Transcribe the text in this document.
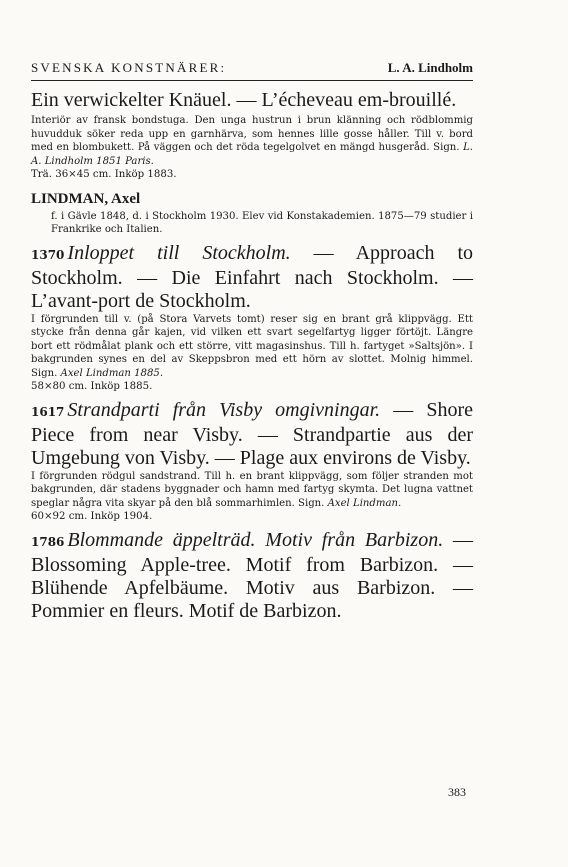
SVENSKA KONSTNÄRER:	L. A. Lindholm

Ein verwickelter Knäuel. — L’écheveau em-brouillé.

Interiör av fransk bondstuga. Den unga hustrun i brun klänning och rödblommig huvudduk söker reda upp en garnhärva, som hennes lille gosse håller. Till v. bord med en blombukett. På väggen och det röda tegelgolvet en mängd husgeråd. Sign. L. A. Lindholm 1851 Paris.

Trä. 36×45 cm. Inköp 1883.

LINDMAN, Axel

f. i Gävle 1848, d. i Stockholm 1930. Elev vid Konstakademien. 1875—79 studier i Frankrike och Italien.

1370 Inloppet till Stockholm. — Approach to Stockholm. — Die Einfahrt nach Stockholm. — L’avant-port de Stockholm.

I förgrunden till v. (på Stora Varvets tomt) reser sig en brant grå klippvägg. Ett stycke från denna går kajen, vid vilken ett svart segelfartyg ligger förtöjt. Längre bort ett rödmålat plank och ett större, vitt magasinshus. Till h. fartyget »Saltsjön». I bakgrunden synes en del av Skeppsbron med ett hörn av slottet. Molnig himmel. Sign. Axel Lindman 1885.

58×80 cm. Inköp 1885.

1617 Strandparti från Visby omgivningar. — Shore Piece from near Visby. — Strandpartie aus der Umgebung von Visby. — Plage aux environs de Visby.

I förgrunden rödgul sandstrand. Till h. en brant klippvägg, som följer stranden mot bakgrunden, där stadens byggnader och hamn med fartyg skymta. Det lugna vattnet speglar några vita skyar på den blå sommarhimlen. Sign. Axel Lindman.

60×92 cm. Inköp 1904.

1786 Blommande äppelträd. Motiv från Barbizon. — Blossoming Apple-tree. Motif from Barbizon. — Blühende Apfelbäume. Motiv aus Barbizon. — Pommier en fleurs. Motif de Barbizon.

383
